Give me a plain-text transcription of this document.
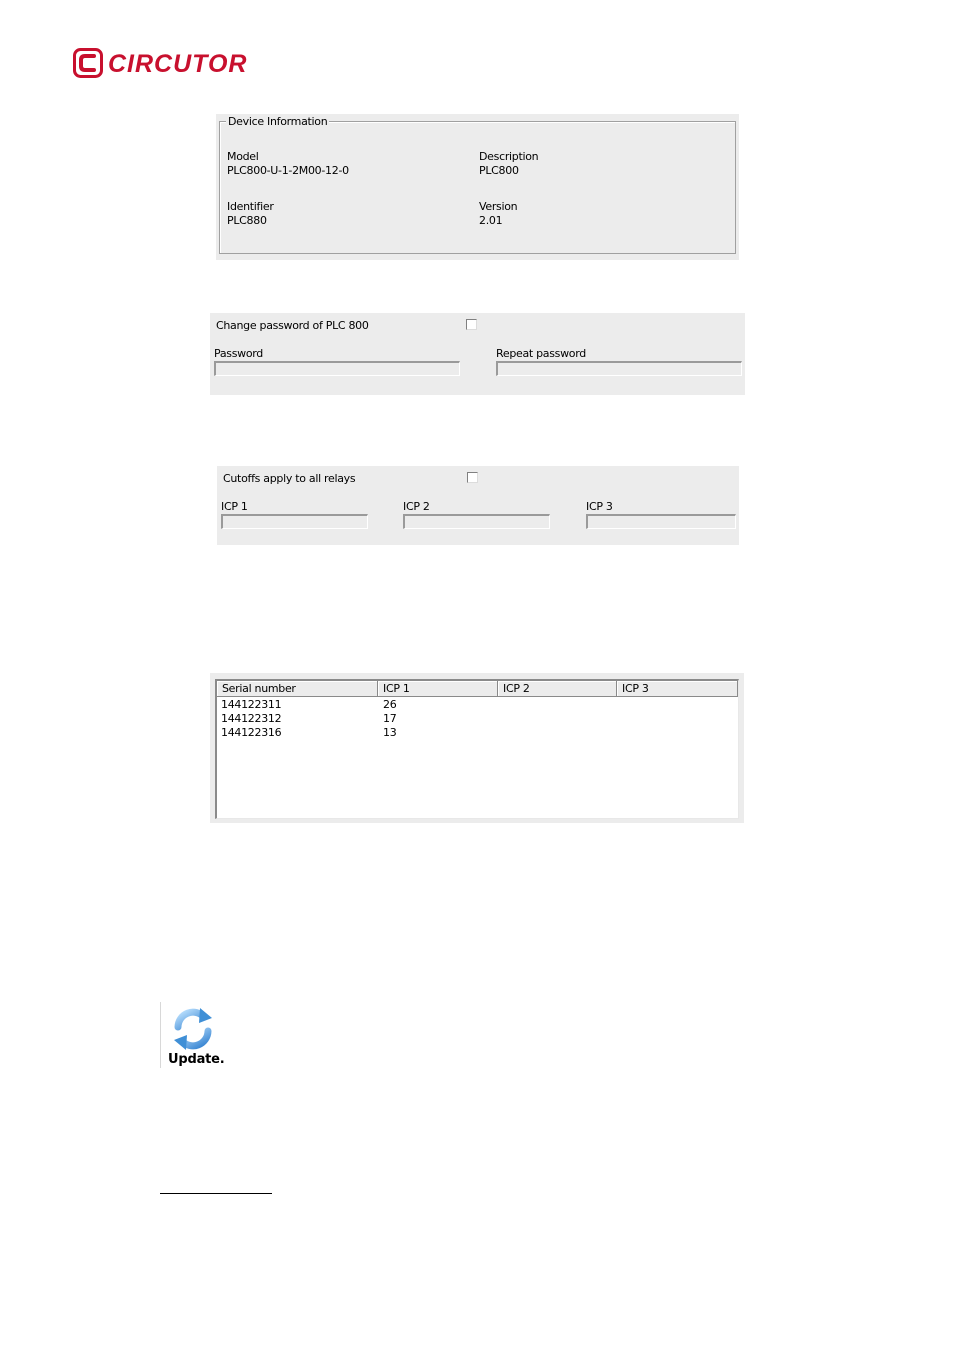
CIRCUTOR
Device Information
Model
PLC800-U-1-2M00-12-0
Description
PLC800
Identifier
PLC880
Version
2.01
Change password of PLC 800
Password	Repeat password
Cutoffs apply to all relays
ICP 1	ICP 2	ICP 3
Serial number	ICP 1	ICP 2	ICP 3
144122311	26
144122312	17
144122316	13
Update.
